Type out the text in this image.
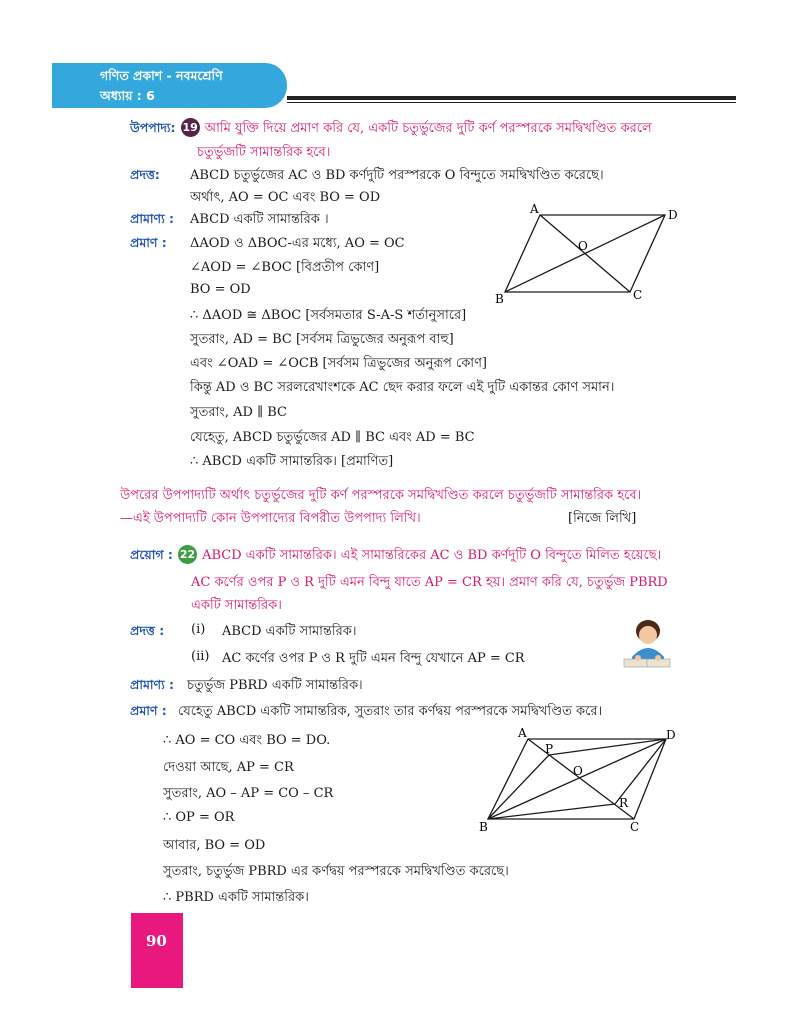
গণিত প্রকাশ - নবমশ্রেণি
অধ্যায় : 6
উপপাদ্য: 19 আমি যুক্তি দিয়ে প্রমাণ করি যে, একটি চতুর্ভুজের দুটি কর্ণ পরস্পরকে সমদ্বিখণ্ডিত করলে
চতুর্ভুজটি সামান্তরিক হবে।
প্রদত্ত: ABCD চতুর্ভুজের AC ও BD কর্ণদুটি পরস্পরকে O বিন্দুতে সমদ্বিখণ্ডিত করেছে।
অর্থাৎ, AO = OC এবং BO = OD
প্রামাণ্য : ABCD একটি সামান্তরিক ।
প্রমাণ : ΔAOD ও ΔBOC-এর মধ্যে, AO = OC
∠AOD = ∠BOC [বিপ্রতীপ কোণ]
BO = OD
∴ ΔAOD ≅ ΔBOC [সর্বসমতার S-A-S শর্তানুসারে]
সুতরাং, AD = BC [সর্বসম ত্রিভুজের অনুরূপ বাহু]
এবং ∠OAD = ∠OCB [সর্বসম ত্রিভুজের অনুরূপ কোণ]
কিন্তু AD ও BC সরলরেখাংশকে AC ছেদ করার ফলে এই দুটি একান্তর কোণ সমান।
সুতরাং, AD ∥ BC
যেহেতু, ABCD চতুর্ভুজের AD ∥ BC এবং AD = BC
∴ ABCD একটি সামান্তরিক। [প্রমাণিত]
A	D
O
B	C
উপরের উপপাদ্যটি অর্থাৎ চতুর্ভুজের দুটি কর্ণ পরস্পরকে সমদ্বিখণ্ডিত করলে চতুর্ভুজটি সামান্তরিক হবে।
—এই উপপাদ্যটি কোন উপপাদ্যের বিপরীত উপপাদ্য লিখি।	[নিজে লিখি]
প্রয়োগ : 22 ABCD একটি সামান্তরিক। এই সামান্তরিকের AC ও BD কর্ণদুটি O বিন্দুতে মিলিত হয়েছে।
AC কর্ণের ওপর P ও R দুটি এমন বিন্দু যাতে AP = CR হয়। প্রমাণ করি যে, চতুর্ভুজ PBRD
একটি সামান্তরিক।
প্রদত্ত : (i) ABCD একটি সামান্তরিক।
(ii) AC কর্ণের ওপর P ও R দুটি এমন বিন্দু যেখানে AP = CR
প্রামাণ্য : চতুর্ভুজ PBRD একটি সামান্তরিক।
প্রমাণ : যেহেতু ABCD একটি সামান্তরিক, সুতরাং তার কর্ণদ্বয় পরস্পরকে সমদ্বিখণ্ডিত করে।
∴ AO = CO এবং BO = DO.
দেওয়া আছে, AP = CR
সুতরাং, AO – AP = CO – CR
∴ OP = OR
আবার, BO = OD
সুতরাং, চতুর্ভুজ PBRD এর কর্ণদ্বয় পরস্পরকে সমদ্বিখণ্ডিত করেছে।
∴ PBRD একটি সামান্তরিক।
A	D
P
O
R
B	C
90
